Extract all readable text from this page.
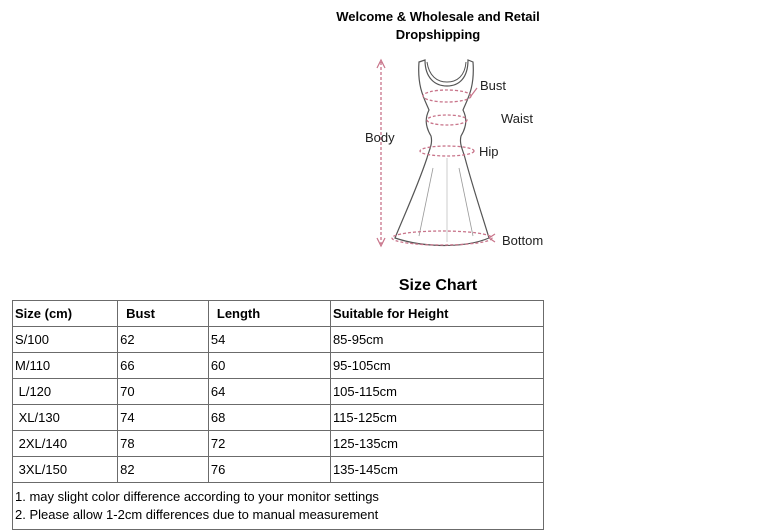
Welcome & Wholesale and Retail
Dropshipping
Bust
Waist
Body
Hip
Bottom
Size Chart
Size (cm)	Bust	Length	Suitable for Height
S/100	62	54	85-95cm
M/110	66	60	95-105cm
L/120	70	64	105-115cm
XL/130	74	68	115-125cm
2XL/140	78	72	125-135cm
3XL/150	82	76	135-145cm

1. may slight color difference according to your monitor settings
2. Please allow 1-2cm differences due to manual measurement			
